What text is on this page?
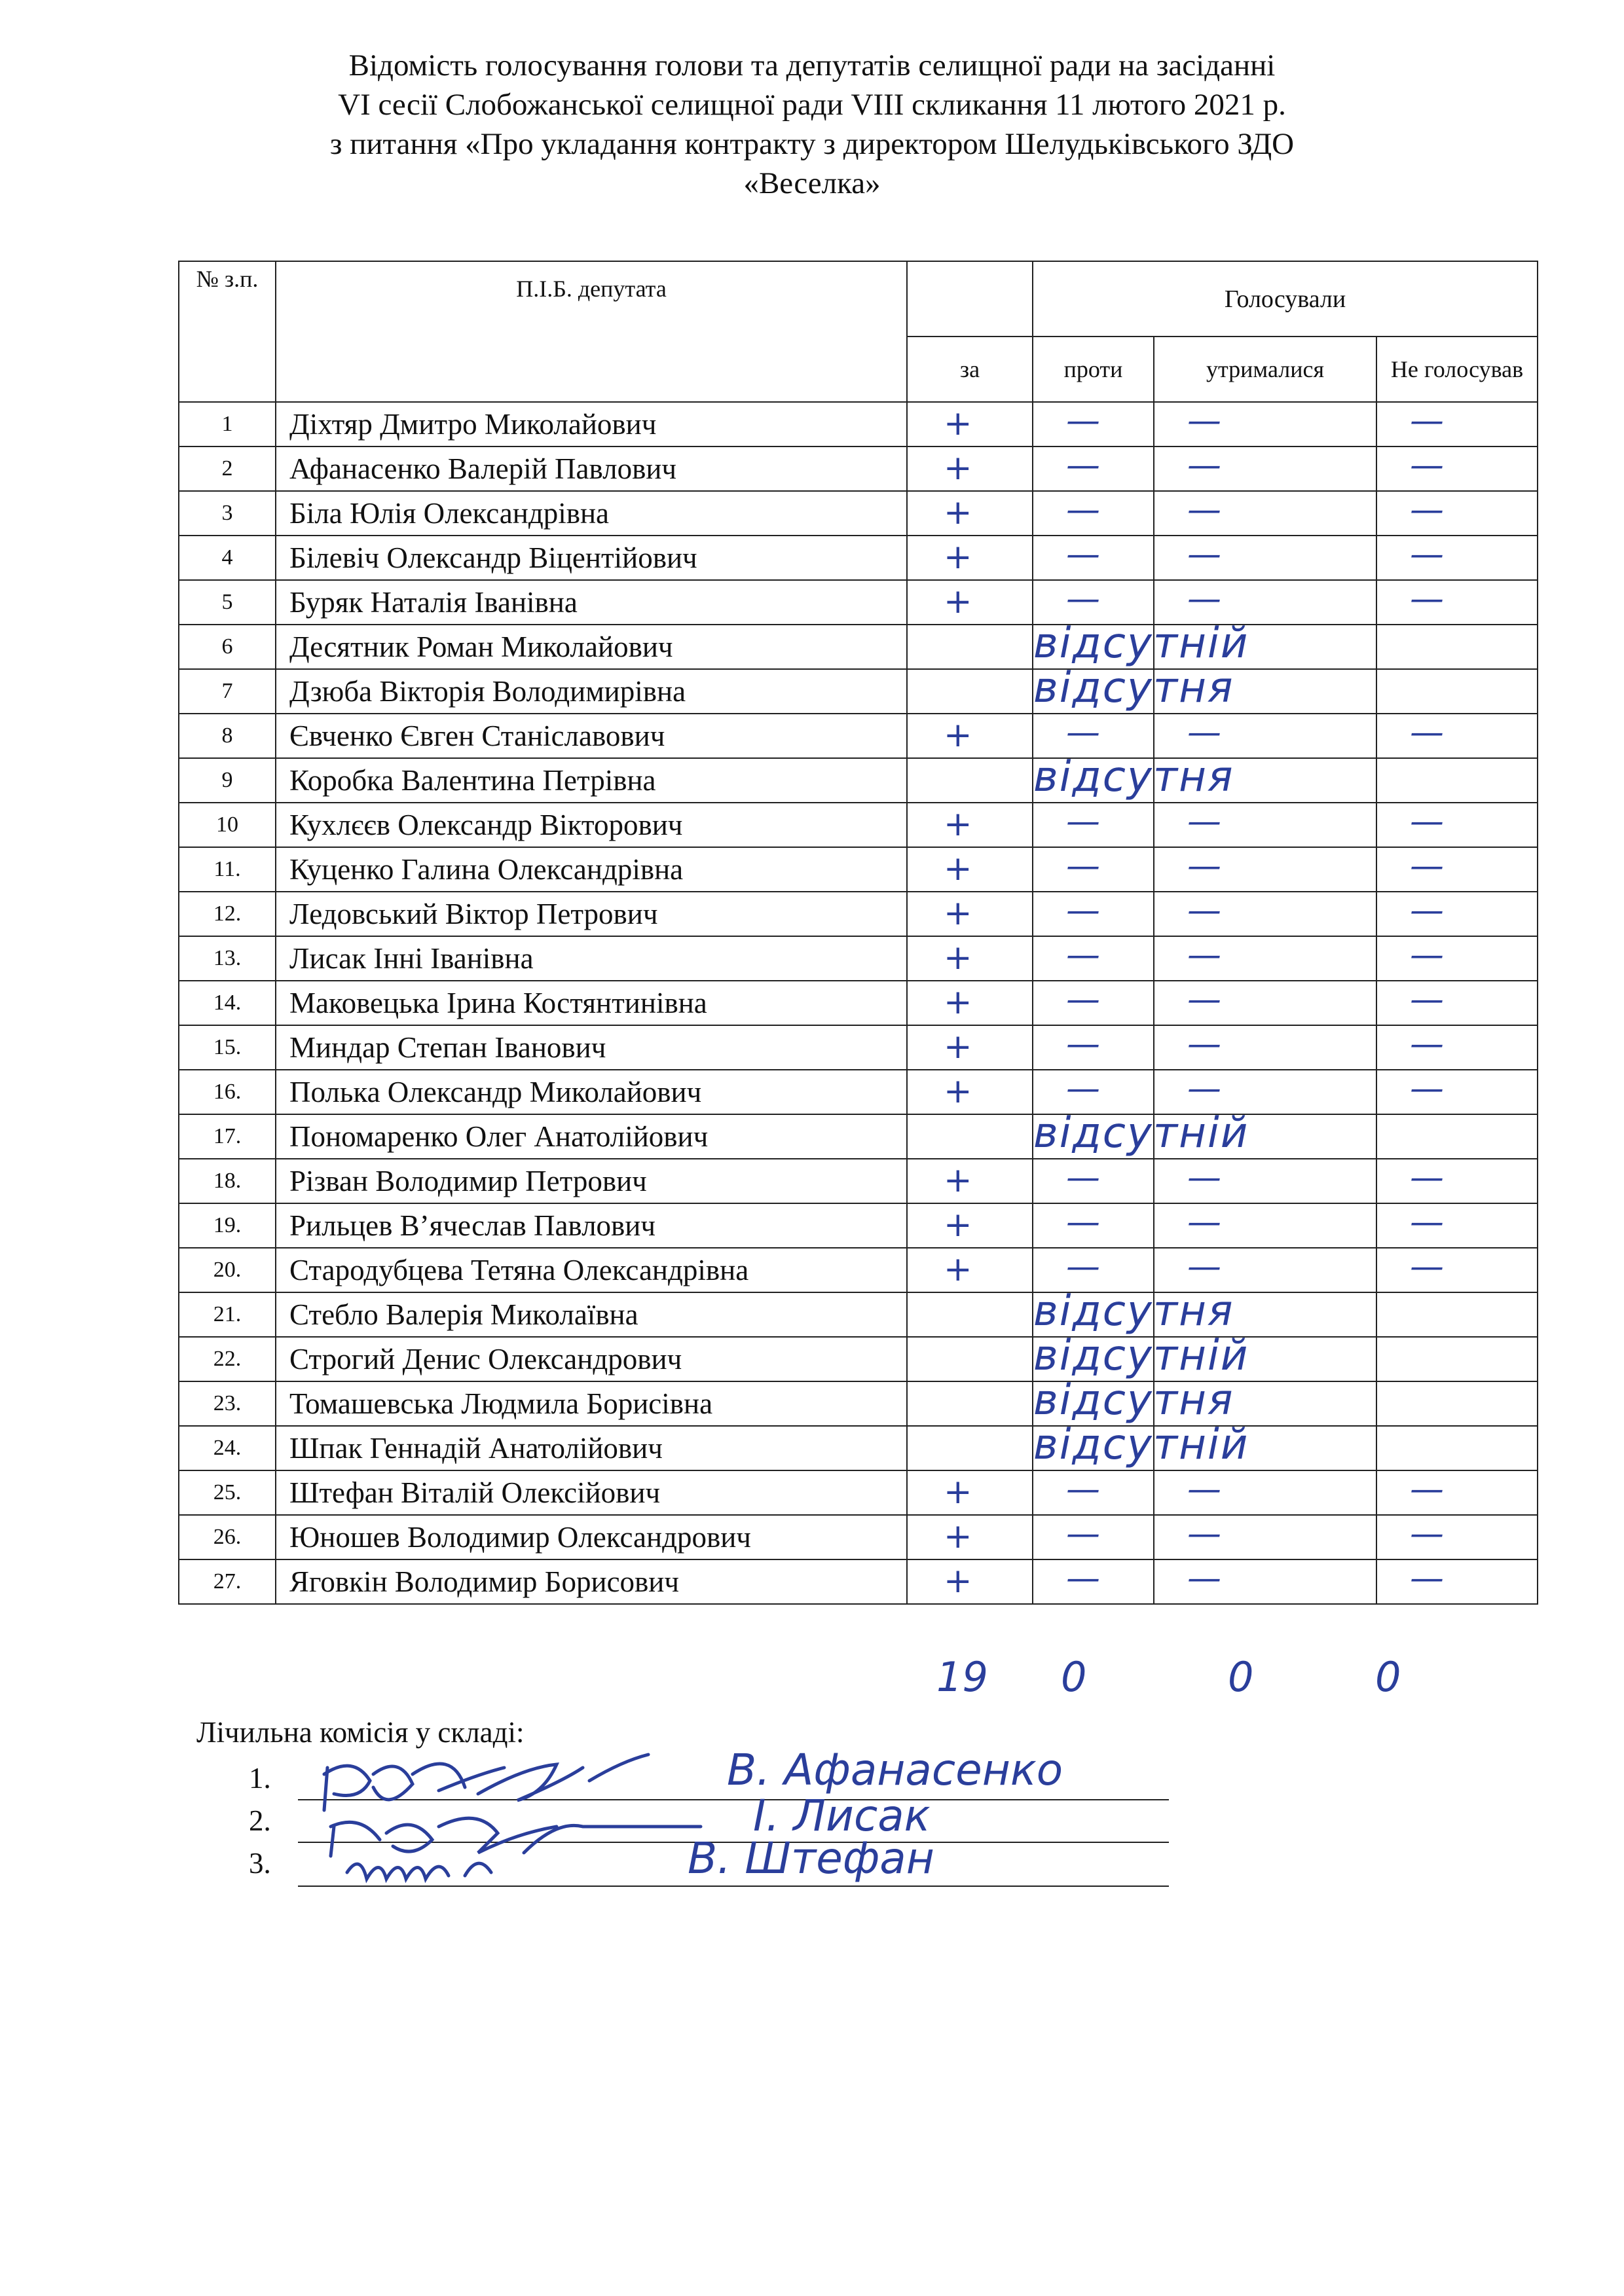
Відомість голосування голови та депутатів селищної ради на засіданні
VI сесії Слобожанської селищної ради VIII скликання 11 лютого 2021 р.
з питання «Про укладання контракту з директором Шелудьківського ЗДО
«Веселка»
№ з.п.	П.І.Б. депутата		Голосували		
		за	проти	утрималися	Не голосував
1	Діхтяр Дмитро Миколайович	+	—	—	—

2	Афанасенко Валерій Павлович	+	—	—	—

3	Біла Юлія Олександрівна	+	—	—	—

4	Білевіч Олександр Віцентійович	+	—	—	—

5	Буряк Наталія Іванівна	+	—	—	—

6	Десятник Роман Миколайович		відсутній		

7	Дзюба Вікторія Володимирівна		відсутня		

8	Євченко Євген Станіславович	+	—	—	—

9	Коробка Валентина Петрівна		відсутня		

10	Кухлєєв Олександр Вікторович	+	—	—	—

11.	Куценко Галина Олександрівна	+	—	—	—

12.	Ледовський Віктор Петрович	+	—	—	—

13.	Лисак Інні Іванівна	+	—	—	—

14.	Маковецька Ірина Костянтинівна	+	—	—	—

15.	Миндар Степан Іванович	+	—	—	—

16.	Полька Олександр Миколайович	+	—	—	—

17.	Пономаренко Олег Анатолійович		відсутній		

18.	Різван Володимир Петрович	+	—	—	—

19.	Рильцев В’ячеслав Павлович	+	—	—	—

20.	Стародубцева Тетяна Олександрівна	+	—	—	—

21.	Стебло Валерія Миколаївна		відсутня		

22.	Строгий Денис Олександрович		відсутній		

23.	Томашевська Людмила Борисівна		відсутня		

24.	Шпак Геннадій Анатолійович		відсутній		

25.	Штефан Віталій Олексійович	+	—	—	—

26.	Юношев Володимир Олександрович	+	—	—	—

27.	Яговкін Володимир Борисович	+	—	—	—
19 0	0	0
Лічильна комісія у складі:
1.	В. Афанасенко
2.	І. Лисак
3.	В. Штефан
